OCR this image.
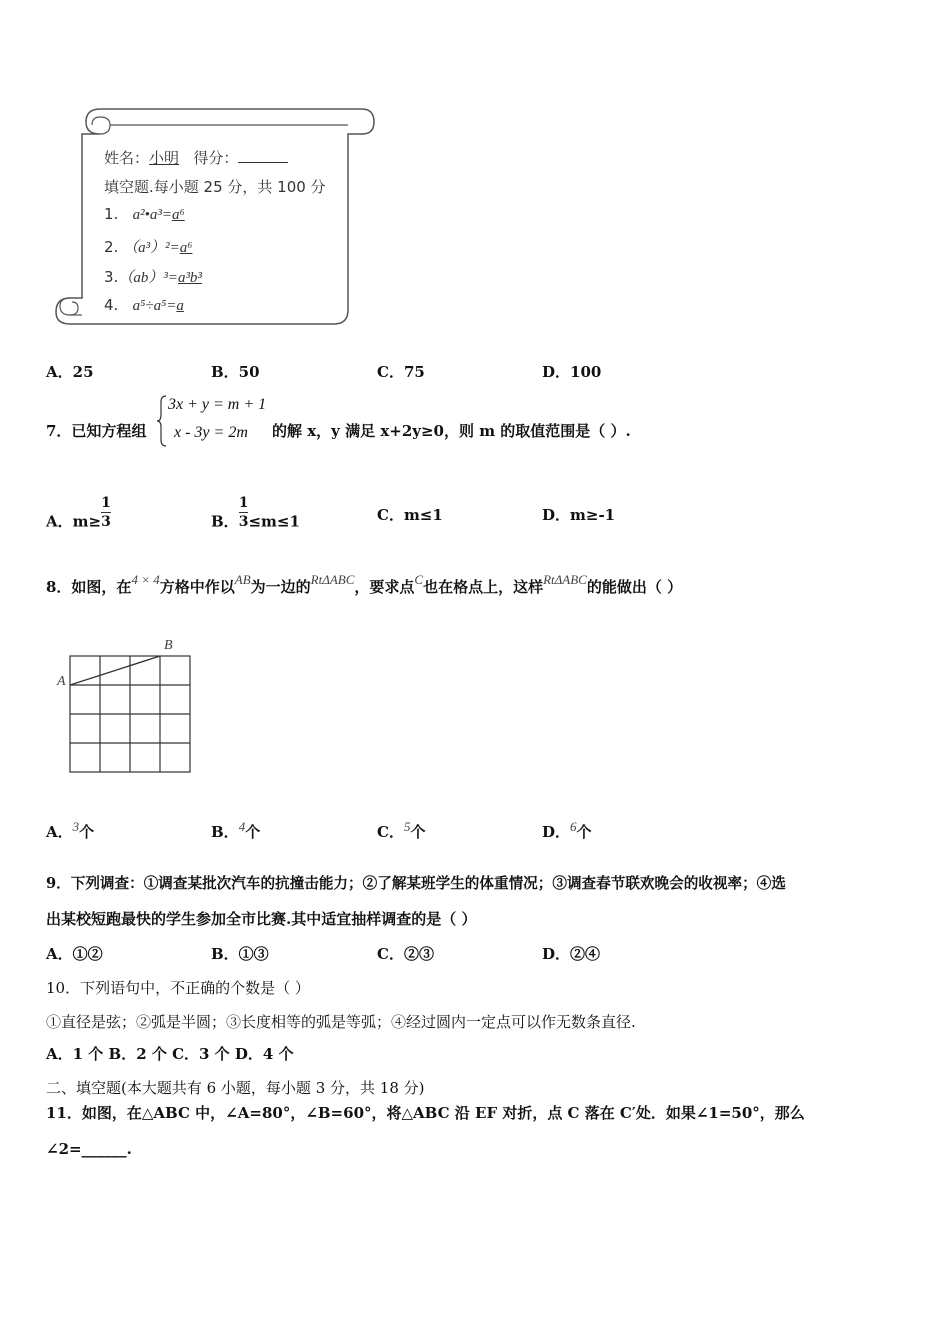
姓名：小明 得分：
填空题.每小题 25 分，共 100 分
1. a²•a³=a⁶
2. （a³）²=a⁶
3.（ab）³=a³b³
4. a⁵÷a⁵=a
A．25	B．50	C．75	D．100
7．已知方程组
3x + y = m + 1
x - 3y = 2m 的解 x，y 满足 x+2y≥0，则 m 的取值范围是（ ）.
A．$m\ge \frac{1}{3}$	B． $\frac{1}{3} \le m\le 1$	C．m≤1	D．m≥-1
8．如图，在4 × 4方格中作以AB为一边的RtΔABC，要求点C也在格点上，这样RtΔABC的能做出（ ）
A
B
A．3个	B．4个	C．5个	D．6个
9．下列调查：①调查某批次汽车的抗撞击能力；②了解某班学生的体重情况；③调查春节联欢晚会的收视率；④选
出某校短跑最快的学生参加全市比赛.其中适宜抽样调查的是（ ）
A．①②	B．①③	C．②③	D．②④
10．下列语句中，不正确的个数是（ ）
①直径是弦；②弧是半圆；③长度相等的弧是等弧；④经过圆内一定点可以作无数条直径.
A．1 个 B．2 个 C．3 个 D．4 个
二、填空题(本大题共有 6 小题，每小题 3 分，共 18 分)
11．如图，在△ABC 中，∠A=80°，∠B=60°，将△ABC 沿 EF 对折，点 C 落在 C′处．如果∠1=50°，那么
∠2=______.
